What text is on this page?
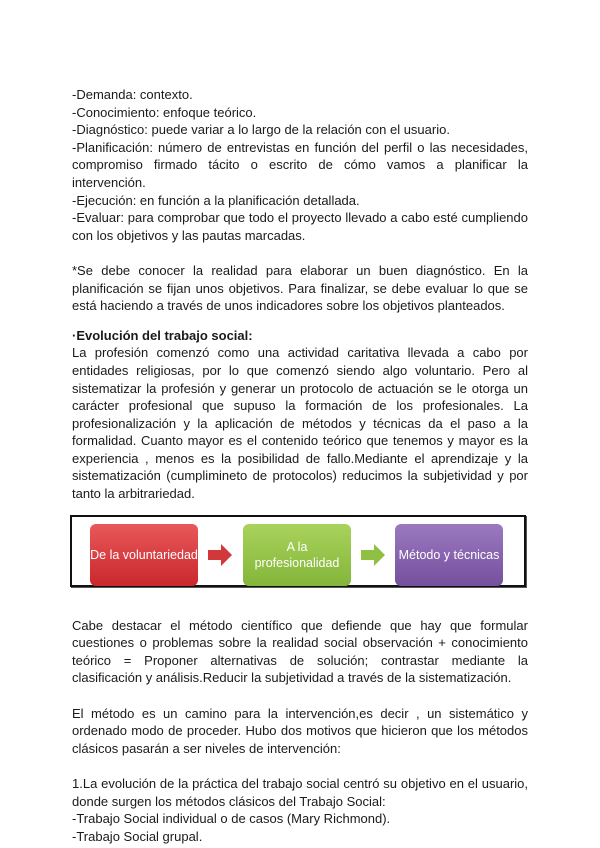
-Demanda: contexto.

-Conocimiento: enfoque teórico.

-Diagnóstico: puede variar a lo largo de la relación con el usuario.

-Planificación: número de entrevistas en función del perfil o las necesidades, compromiso firmado tácito o escrito de cómo vamos a planificar la intervención.

-Ejecución: en función a la planificación detallada.

-Evaluar: para comprobar que todo el proyecto llevado a cabo esté cumpliendo con los objetivos y las pautas marcadas.

*Se debe conocer la realidad para elaborar un buen diagnóstico. En la planificación se fijan unos objetivos. Para finalizar, se debe evaluar lo que se está haciendo a través de unos indicadores sobre los objetivos planteados.

·Evolución del trabajo social:

La profesión comenzó como una actividad caritativa llevada a cabo por entidades religiosas, por lo que comenzó siendo algo voluntario. Pero al sistematizar la profesión y generar un protocolo de actuación se le otorga un carácter profesional que supuso la formación de los profesionales. La profesionalización y la aplicación de métodos y técnicas da el paso a la formalidad. Cuanto mayor es el contenido teórico que tenemos y mayor es la experiencia , menos es la posibilidad de fallo.Mediante el aprendizaje y la sistematización (cumplimineto de protocolos) reducimos la subjetividad y por tanto la arbitrariedad.

De la voluntariedad
A la profesionalidad
Método y técnicas

Cabe destacar el método científico que defiende que hay que formular cuestiones o problemas sobre la realidad social observación + conocimiento teórico = Proponer alternativas de solución; contrastar mediante la clasificación y análisis.Reducir la subjetividad a través de la sistematización.

El método es un camino para la intervención,es decir , un sistemático y ordenado modo de proceder. Hubo dos motivos que hicieron que los métodos clásicos pasarán a ser niveles de intervención:

1.La evolución de la práctica del trabajo social centró su objetivo en el usuario, donde surgen los métodos clásicos del Trabajo Social:

-Trabajo Social individual o de casos (Mary Richmond).

-Trabajo Social grupal.
